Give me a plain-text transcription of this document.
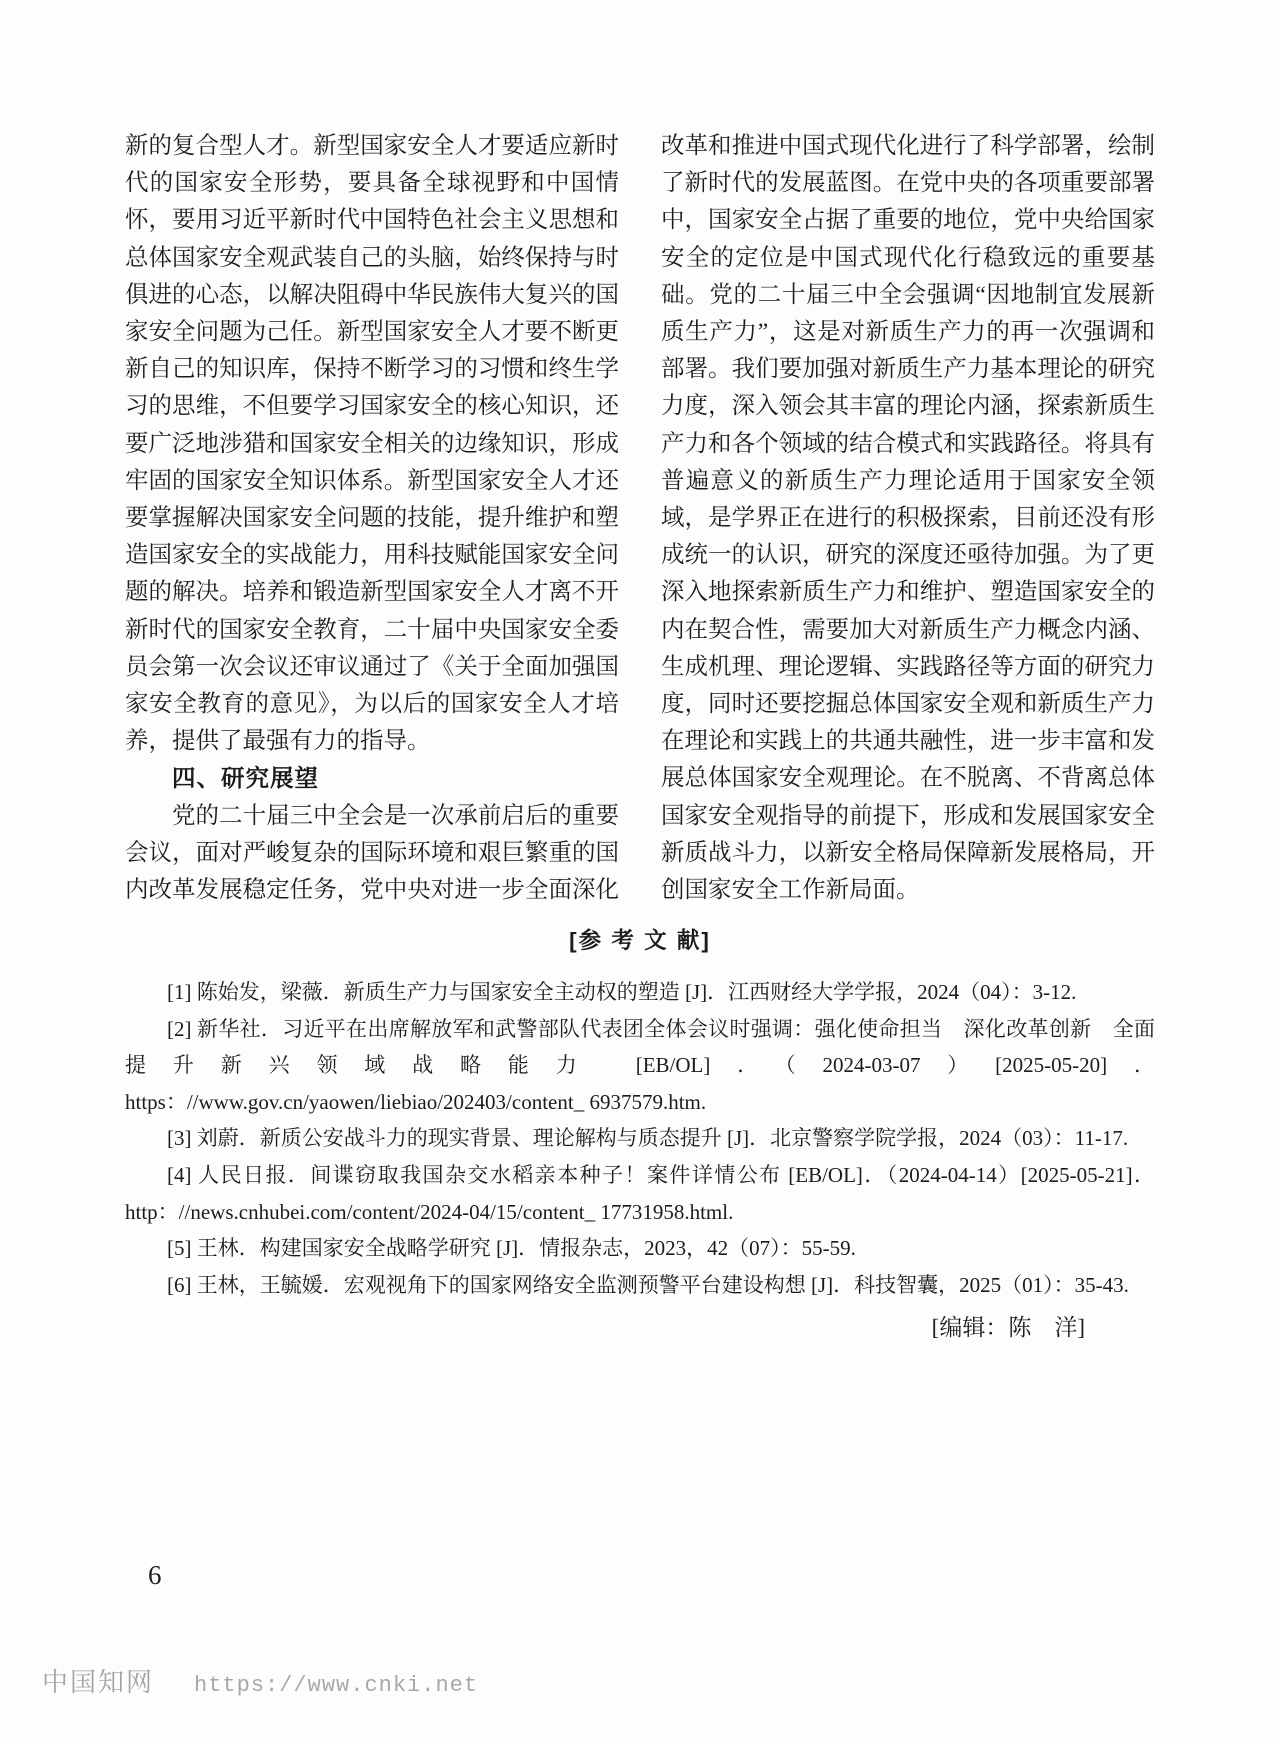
新的复合型人才。新型国家安全人才要适应新时代的国家安全形势，要具备全球视野和中国情怀，要用习近平新时代中国特色社会主义思想和总体国家安全观武装自己的头脑，始终保持与时俱进的心态，以解决阻碍中华民族伟大复兴的国家安全问题为己任。新型国家安全人才要不断更新自己的知识库，保持不断学习的习惯和终生学习的思维，不但要学习国家安全的核心知识，还要广泛地涉猎和国家安全相关的边缘知识，形成牢固的国家安全知识体系。新型国家安全人才还要掌握解决国家安全问题的技能，提升维护和塑造国家安全的实战能力，用科技赋能国家安全问题的解决。培养和锻造新型国家安全人才离不开新时代的国家安全教育，二十届中央国家安全委员会第一次会议还审议通过了《关于全面加强国家安全教育的意见》，为以后的国家安全人才培养，提供了最强有力的指导。

四、研究展望

党的二十届三中全会是一次承前启后的重要会议，面对严峻复杂的国际环境和艰巨繁重的国内改革发展稳定任务，党中央对进一步全面深化改革和推进中国式现代化进行了科学部署，绘制了新时代的发展蓝图。在党中央的各项重要部署中，国家安全占据了重要的地位，党中央给国家安全的定位是中国式现代化行稳致远的重要基础。党的二十届三中全会强调“因地制宜发展新质生产力”，这是对新质生产力的再一次强调和部署。我们要加强对新质生产力基本理论的研究力度，深入领会其丰富的理论内涵，探索新质生产力和各个领域的结合模式和实践路径。将具有普遍意义的新质生产力理论适用于国家安全领域，是学界正在进行的积极探索，目前还没有形成统一的认识，研究的深度还亟待加强。为了更深入地探索新质生产力和维护、塑造国家安全的内在契合性，需要加大对新质生产力概念内涵、生成机理、理论逻辑、实践路径等方面的研究力度，同时还要挖掘总体国家安全观和新质生产力在理论和实践上的共通共融性，进一步丰富和发展总体国家安全观理论。在不脱离、不背离总体国家安全观指导的前提下，形成和发展国家安全新质战斗力，以新安全格局保障新发展格局，开创国家安全工作新局面。

[参 考 文 献]

[1] 陈始发，梁薇．新质生产力与国家安全主动权的塑造 [J]．江西财经大学学报，2024（04）：3-12.

[2] 新华社．习近平在出席解放军和武警部队代表团全体会议时强调：强化使命担当　深化改革创新　全面提升新兴领域战略能力 [EB/OL]．（2024-03-07）[2025-05-20]．https：//www.gov.cn/yaowen/liebiao/202403/content_ 6937579.htm.

[3] 刘蔚．新质公安战斗力的现实背景、理论解构与质态提升 [J]．北京警察学院学报，2024（03）：11-17.

[4] 人民日报．间谍窃取我国杂交水稻亲本种子！案件详情公布 [EB/OL]．（2024-04-14）[2025-05-21]．http：//news.cnhubei.com/content/2024-04/15/content_ 17731958.html.

[5] 王林．构建国家安全战略学研究 [J]．情报杂志，2023，42（07）：55-59.

[6] 王林，王毓媛．宏观视角下的国家网络安全监测预警平台建设构想 [J]．科技智囊，2025（01）：35-43.

[编辑：陈　洋]

6
中国知网 https://www.cnki.net
